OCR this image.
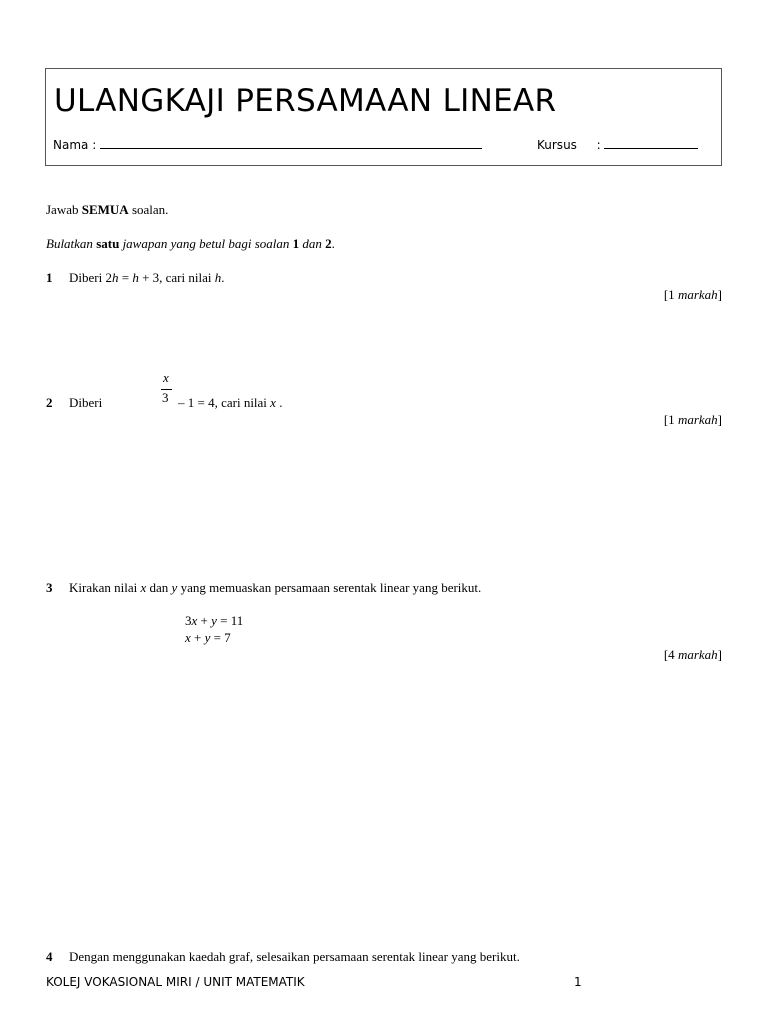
ULANGKAJI PERSAMAAN LINEAR
Nama :	Kursus :
Jawab SEMUA soalan.
Bulatkan satu jawapan yang betul bagi soalan 1 dan 2.
1 Diberi 2h = h + 3, cari nilai h.
[1 markah]
2 Diberi
x
3 – 1 = 4, cari nilai x .
[1 markah]
3 Kirakan nilai x dan y yang memuaskan persamaan serentak linear yang berikut.
3x + y = 11
x + y = 7
[4 markah]
4 Dengan menggunakan kaedah graf, selesaikan persamaan serentak linear yang berikut.
KOLEJ VOKASIONAL MIRI / UNIT MATEMATIK	1
